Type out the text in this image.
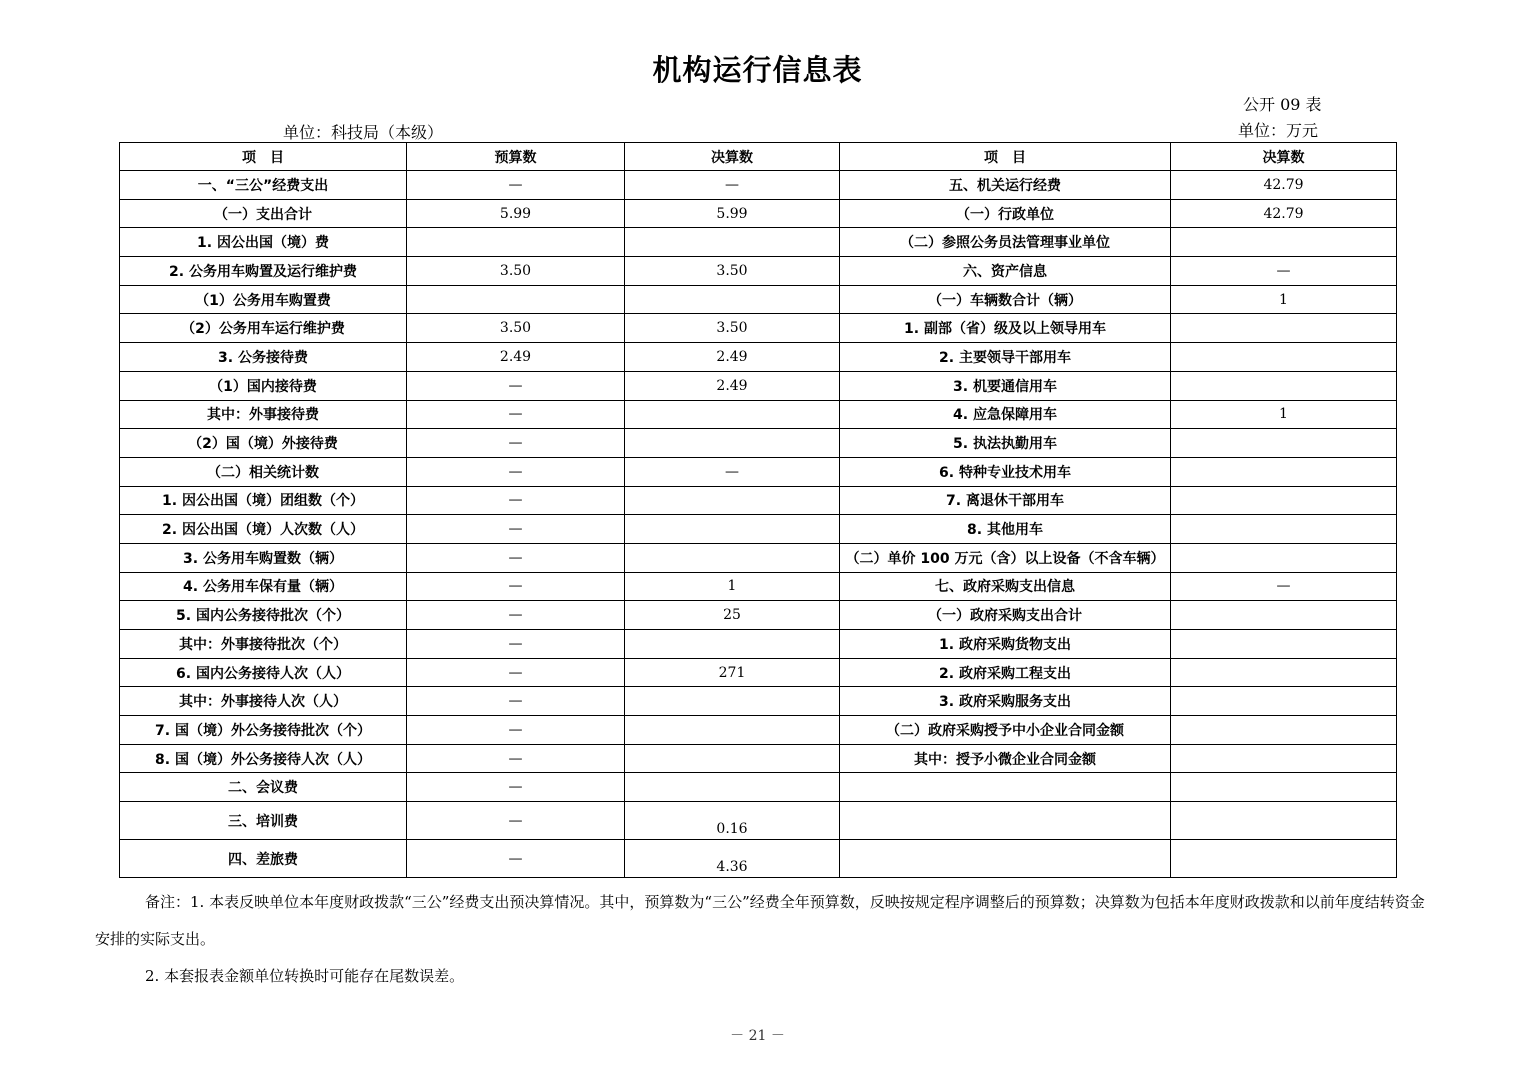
机构运行信息表
公开 09 表
单位：科技局（本级）	单位：万元
项　目	预算数	决算数	项　目	决算数
一、“三公”经费支出	—	—	五、机关运行经费	42.79
（一）支出合计	5.99	5.99	（一）行政单位	42.79
1. 因公出国（境）费			（二）参照公务员法管理事业单位	
2. 公务用车购置及运行维护费	3.50	3.50	六、资产信息	—
（1）公务用车购置费			（一）车辆数合计（辆）	1
（2）公务用车运行维护费	3.50	3.50	1. 副部（省）级及以上领导用车	
3. 公务接待费	2.49	2.49	2. 主要领导干部用车	
（1）国内接待费	—	2.49	3. 机要通信用车	
其中：外事接待费	—		4. 应急保障用车	1
（2）国（境）外接待费	—		5. 执法执勤用车	
（二）相关统计数	—	—	6. 特种专业技术用车	
1. 因公出国（境）团组数（个）	—		7. 离退休干部用车	
2. 因公出国（境）人次数（人）	—		8. 其他用车	
3. 公务用车购置数（辆）	—		（二）单价 100 万元（含）以上设备（不含车辆）	
4. 公务用车保有量（辆）	—	1	七、政府采购支出信息	—
5. 国内公务接待批次（个）	—	25	（一）政府采购支出合计	
其中：外事接待批次（个）	—		1. 政府采购货物支出	
6. 国内公务接待人次（人）	—	271	2. 政府采购工程支出	
其中：外事接待人次（人）	—		3. 政府采购服务支出	
7. 国（境）外公务接待批次（个）	—		（二）政府采购授予中小企业合同金额	
8. 国（境）外公务接待人次（人）	—		其中：授予小微企业合同金额	
二、会议费	—			
三、培训费	—	0.16		
四、差旅费	—	4.36		

备注：1. 本表反映单位本年度财政拨款“三公”经费支出预决算情况。其中，预算数为“三公”经费全年预算数，反映按规定程序调整后的预算数；决算数为包括本年度财政拨款和以前年度结转资金安排的实际支出。

2. 本套报表金额单位转换时可能存在尾数误差。

－ 21 －
